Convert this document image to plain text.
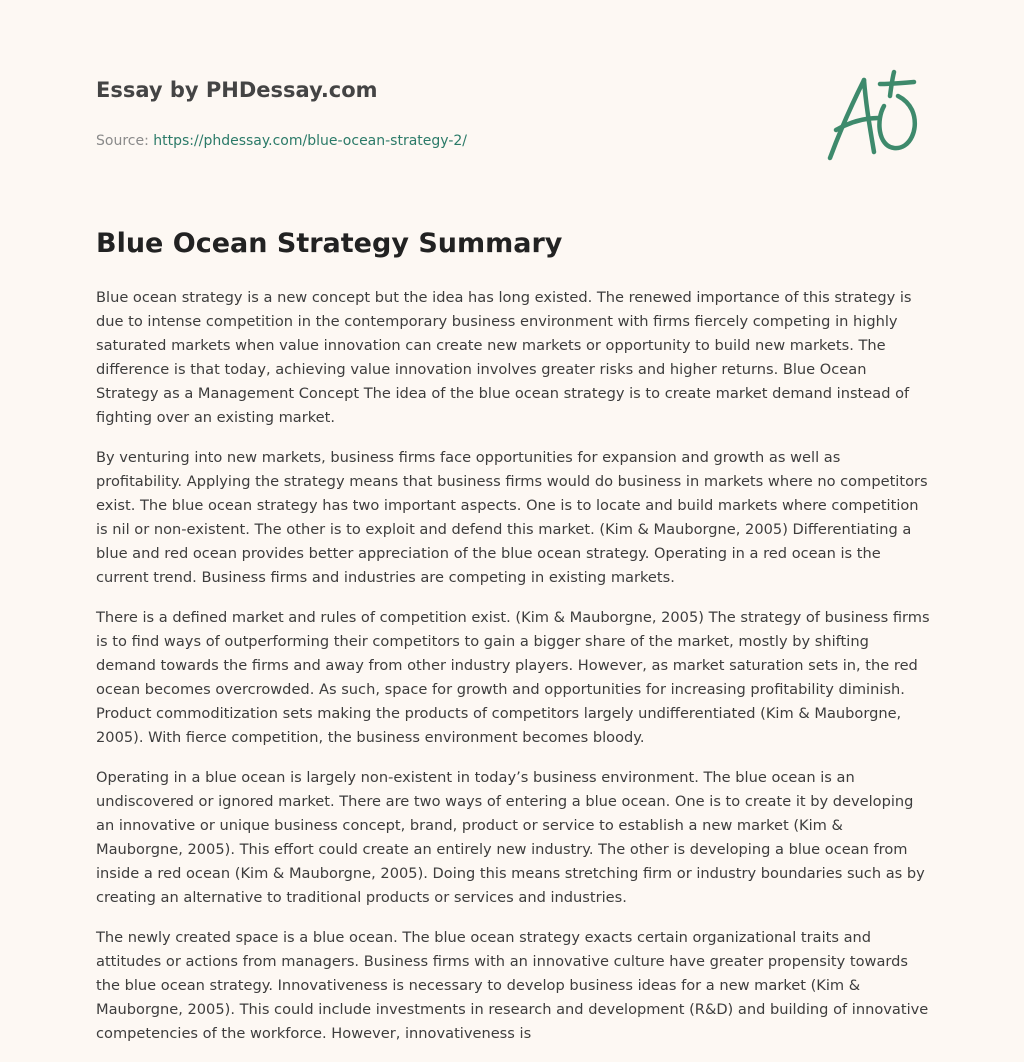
Essay by PHDessay.com
Source: https://phdessay.com/blue-ocean-strategy-2/
Blue Ocean Strategy Summary

Blue ocean strategy is a new concept but the idea has long existed. The renewed importance of this strategy is due to intense competition in the contemporary business environment with firms fiercely competing in highly saturated markets when value innovation can create new markets or opportunity to build new markets. The difference is that today, achieving value innovation involves greater risks and higher returns. Blue Ocean Strategy as a Management Concept The idea of the blue ocean strategy is to create market demand instead of fighting over an existing market.

By venturing into new markets, business firms face opportunities for expansion and growth as well as profitability. Applying the strategy means that business firms would do business in markets where no competitors exist. The blue ocean strategy has two important aspects. One is to locate and build markets where competition is nil or non-existent. The other is to exploit and defend this market. (Kim & Mauborgne, 2005) Differentiating a blue and red ocean provides better appreciation of the blue ocean strategy. Operating in a red ocean is the current trend. Business firms and industries are competing in existing markets.

There is a defined market and rules of competition exist. (Kim & Mauborgne, 2005) The strategy of business firms is to find ways of outperforming their competitors to gain a bigger share of the market, mostly by shifting demand towards the firms and away from other industry players. However, as market saturation sets in, the red ocean becomes overcrowded. As such, space for growth and opportunities for increasing profitability diminish. Product commoditization sets making the products of competitors largely undifferentiated (Kim & Mauborgne, 2005). With fierce competition, the business environment becomes bloody.

Operating in a blue ocean is largely non-existent in today’s business environment. The blue ocean is an undiscovered or ignored market. There are two ways of entering a blue ocean. One is to create it by developing an innovative or unique business concept, brand, product or service to establish a new market (Kim & Mauborgne, 2005). This effort could create an entirely new industry. The other is developing a blue ocean from inside a red ocean (Kim & Mauborgne, 2005). Doing this means stretching firm or industry boundaries such as by creating an alternative to traditional products or services and industries.

The newly created space is a blue ocean. The blue ocean strategy exacts certain organizational traits and attitudes or actions from managers. Business firms with an innovative culture have greater propensity towards the blue ocean strategy. Innovativeness is necessary to develop business ideas for a new market (Kim & Mauborgne, 2005). This could include investments in research and development (R&D) and building of innovative competencies of the workforce. However, innovativeness is
